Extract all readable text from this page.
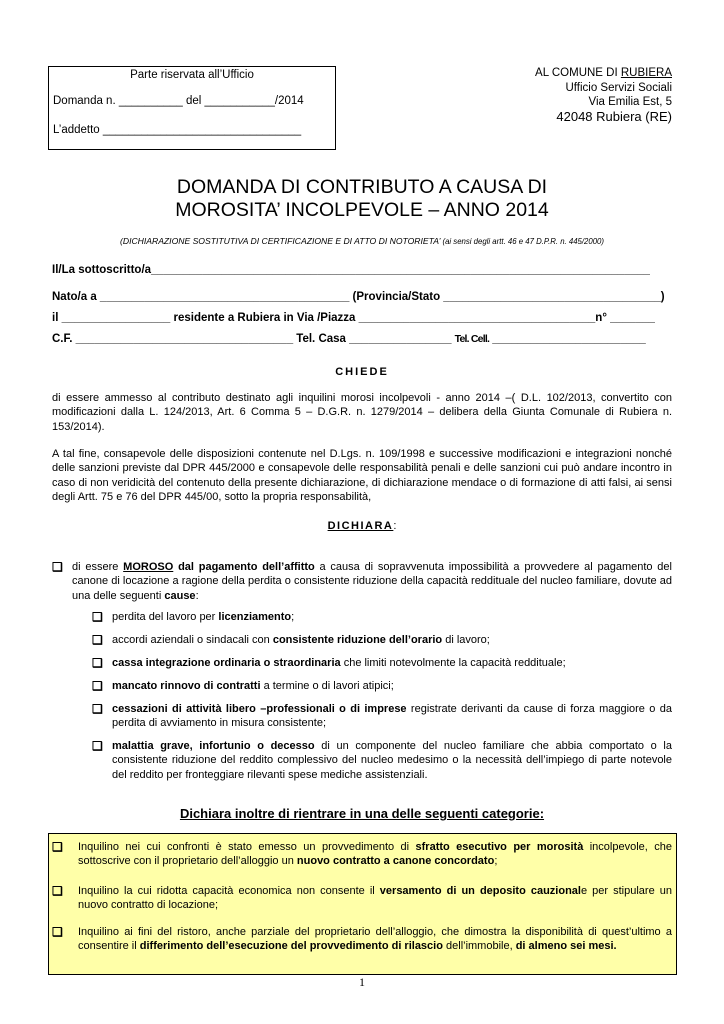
Parte riservata all’Ufficio
Domanda n. __________ del ___________/2014
L’addetto _______________________________
AL COMUNE DI RUBIERA
Ufficio Servizi Sociali
Via Emilia Est, 5
42048 Rubiera (RE)
DOMANDA DI CONTRIBUTO A CAUSA DI
MOROSITA’ INCOLPEVOLE – ANNO 2014
(DICHIARAZIONE SOSTITUTIVA DI CERTIFICAZIONE E DI ATTO DI NOTORIETA’ (ai sensi degli artt. 46 e 47 D.P.R. n. 445/2000)
Il/La sottoscritto/a______________________________________________________________________________
Nato/a a _______________________________________ (Provincia/Stato __________________________________)
il _________________ residente a Rubiera in Via /Piazza _____________________________________n° _______
C.F. __________________________________ Tel. Casa ________________ Tel. Cell. ________________________
CHIEDE
di essere ammesso al contributo destinato agli inquilini morosi incolpevoli - anno 2014 –( D.L. 102/2013, convertito con modificazioni dalla L. 124/2013, Art. 6 Comma 5 – D.G.R. n. 1279/2014 – delibera della Giunta Comunale di Rubiera n. 153/2014).
A tal fine, consapevole delle disposizioni contenute nel D.Lgs. n. 109/1998 e successive modificazioni e integrazioni nonché delle sanzioni previste dal DPR 445/2000 e consapevole delle responsabilità penali e delle sanzioni cui può andare incontro in caso di non veridicità del contenuto della presente dichiarazione, di dichiarazione mendace o di formazione di atti falsi, ai sensi degli Artt. 75 e 76 del DPR 445/00, sotto la propria responsabilità,
DICHIARA:
❑ di essere MOROSO dal pagamento dell’affitto a causa di sopravvenuta impossibilità a provvedere al pagamento del canone di locazione a ragione della perdita o consistente riduzione della capacità reddituale del nucleo familiare, dovute ad una delle seguenti cause:
❑ perdita del lavoro per licenziamento;
❑ accordi aziendali o sindacali con consistente riduzione dell’orario di lavoro;
❑ cassa integrazione ordinaria o straordinaria che limiti notevolmente la capacità reddituale;
❑ mancato rinnovo di contratti a termine o di lavori atipici;
❑ cessazioni di attività libero –professionali o di imprese registrate derivanti da cause di forza maggiore o da perdita di avviamento in misura consistente;
❑ malattia grave, infortunio o decesso di un componente del nucleo familiare che abbia comportato o la consistente riduzione del reddito complessivo del nucleo medesimo o la necessità dell’impiego di parte notevole del reddito per fronteggiare rilevanti spese mediche assistenziali.
Dichiara inoltre di rientrare in una delle seguenti categorie:
❑ Inquilino nei cui confronti è stato emesso un provvedimento di sfratto esecutivo per morosità incolpevole, che sottoscrive con il proprietario dell’alloggio un nuovo contratto a canone concordato;
❑ Inquilino la cui ridotta capacità economica non consente il versamento di un deposito cauzionale per stipulare un nuovo contratto di locazione;
❑ Inquilino ai fini del ristoro, anche parziale del proprietario dell’alloggio, che dimostra la disponibilità di quest’ultimo a consentire il differimento dell’esecuzione del provvedimento di rilascio dell’immobile, di almeno sei mesi.
1
